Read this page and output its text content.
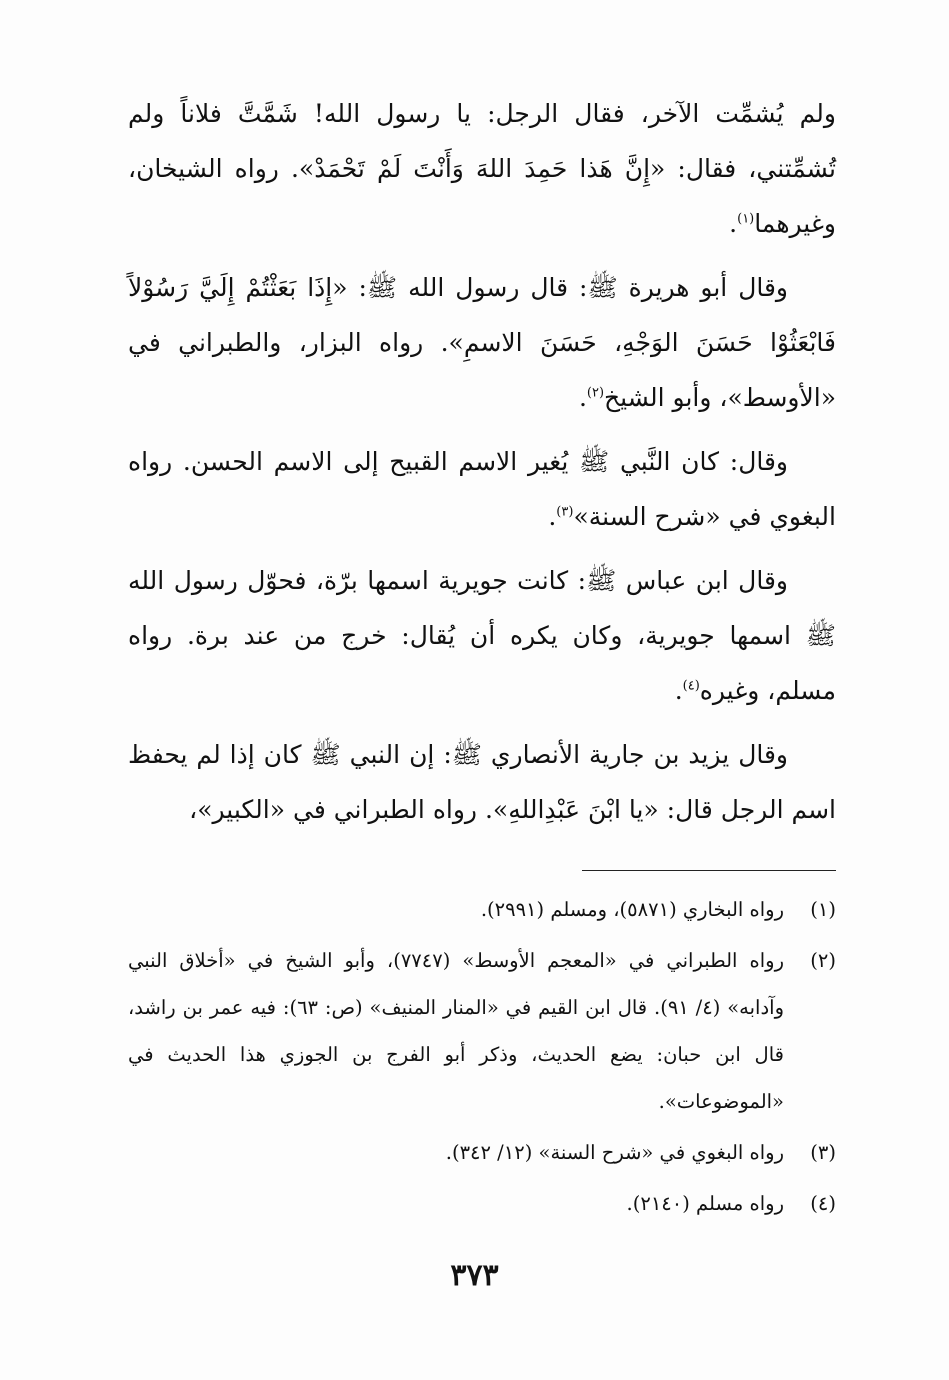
ولم يُشمِّت الآخر، فقال الرجل: يا رسول الله! شَمَّتَّ فلاناً ولم تُشمِّتني، فقال: «إِنَّ هَذا حَمِدَ اللهَ وَأَنْتَ لَمْ تَحْمَدْ». رواه الشيخان، وغيرهما$^{(١)}$.

وقال أبو هريرة ﷺ: قال رسول الله ﷺ: «إِذَا بَعَثْتُمْ إِلَيَّ رَسُوْلاً فَابْعَثُوْا حَسَنَ الوَجْهِ، حَسَنَ الاسمِ». رواه البزار، والطبراني في «الأوسط»، وأبو الشيخ$^{(٢)}$.

وقال: كان النَّبي ﷺ يُغير الاسم القبيح إلى الاسم الحسن. رواه البغوي في «شرح السنة»$^{(٣)}$.

وقال ابن عباس ﷺ: كانت جويرية اسمها برّة، فحوّل رسول الله ﷺ اسمها جويرية، وكان يكره أن يُقال: خرج من عند برة. رواه مسلم، وغيره$^{(٤)}$.

وقال يزيد بن جارية الأنصاري ﷺ: إن النبي ﷺ كان إذا لم يحفظ اسم الرجل قال: «يا ابْنَ عَبْدِاللهِ». رواه الطبراني في «الكبير»،

(١)
رواه البخاري (٥٨٧١)، ومسلم (٢٩٩١).
(٢)
رواه الطبراني في «المعجم الأوسط» (٧٧٤٧)، وأبو الشيخ في «أخلاق النبي وآدابه» (٤/ ٩١). قال ابن القيم في «المنار المنيف» (ص: ٦٣): فيه عمر بن راشد، قال ابن حبان: يضع الحديث، وذكر أبو الفرج بن الجوزي هذا الحديث في «الموضوعات».
(٣)
رواه البغوي في «شرح السنة» (١٢/ ٣٤٢).
(٤)
رواه مسلم (٢١٤٠).
٣٧٣
